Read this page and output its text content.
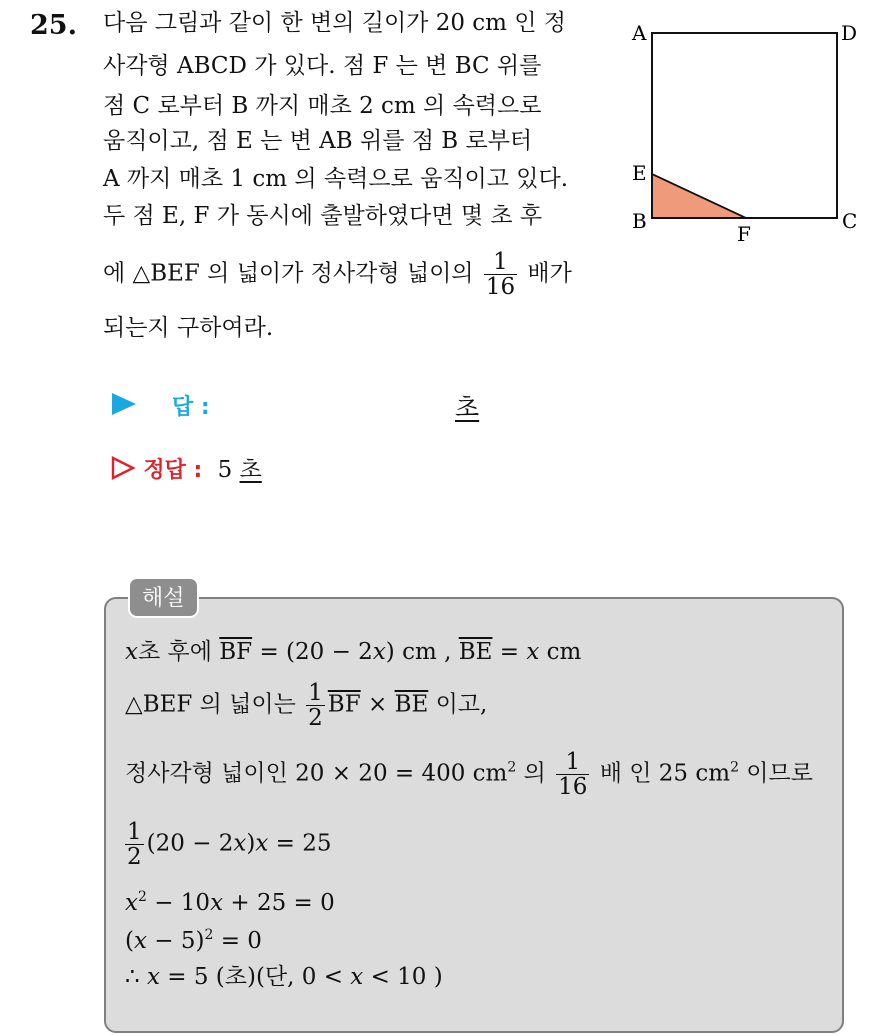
25. 다음 그림과 같이 한 변의 길이가 20 cm 인 정
사각형 ABCD 가 있다. 점 F 는 변 BC 위를
점 C 로부터 B 까지 매초 2 cm 의 속력으로
움직이고, 점 E 는 변 AB 위를 점 B 로부터
A 까지 매초 1 cm 의 속력으로 움직이고 있다.
두 점 E, F 가 동시에 출발하였다면 몇 초 후
에 △BEF 의 넓이가 정사각형 넓이의 $\frac{1}{16}$ 배가
되는지 구하여라.
A	D
E
B	C
F
답 :	초
정답 : 5 초
해설
x초 후에 $\overline{BF} = (20 - 2x)$ cm , $\overline{BE} = x$ cm
△BEF 의 넓이는 $\frac{1}{2} \overline{BF} \times \overline{BE}$ 이고,
정사각형 넓이인 20 × 20 = 400 $cm^2$ 의 $\frac{1}{16}$ 배 인 25 $cm^2$ 이므로
$\frac{1}{2} (20 - 2x)x = 25$
$x^2 - 10x + 25 = 0$
$(x - 5)^2 = 0$
∴ x = 5 (초)(단, 0 < x < 10 )
